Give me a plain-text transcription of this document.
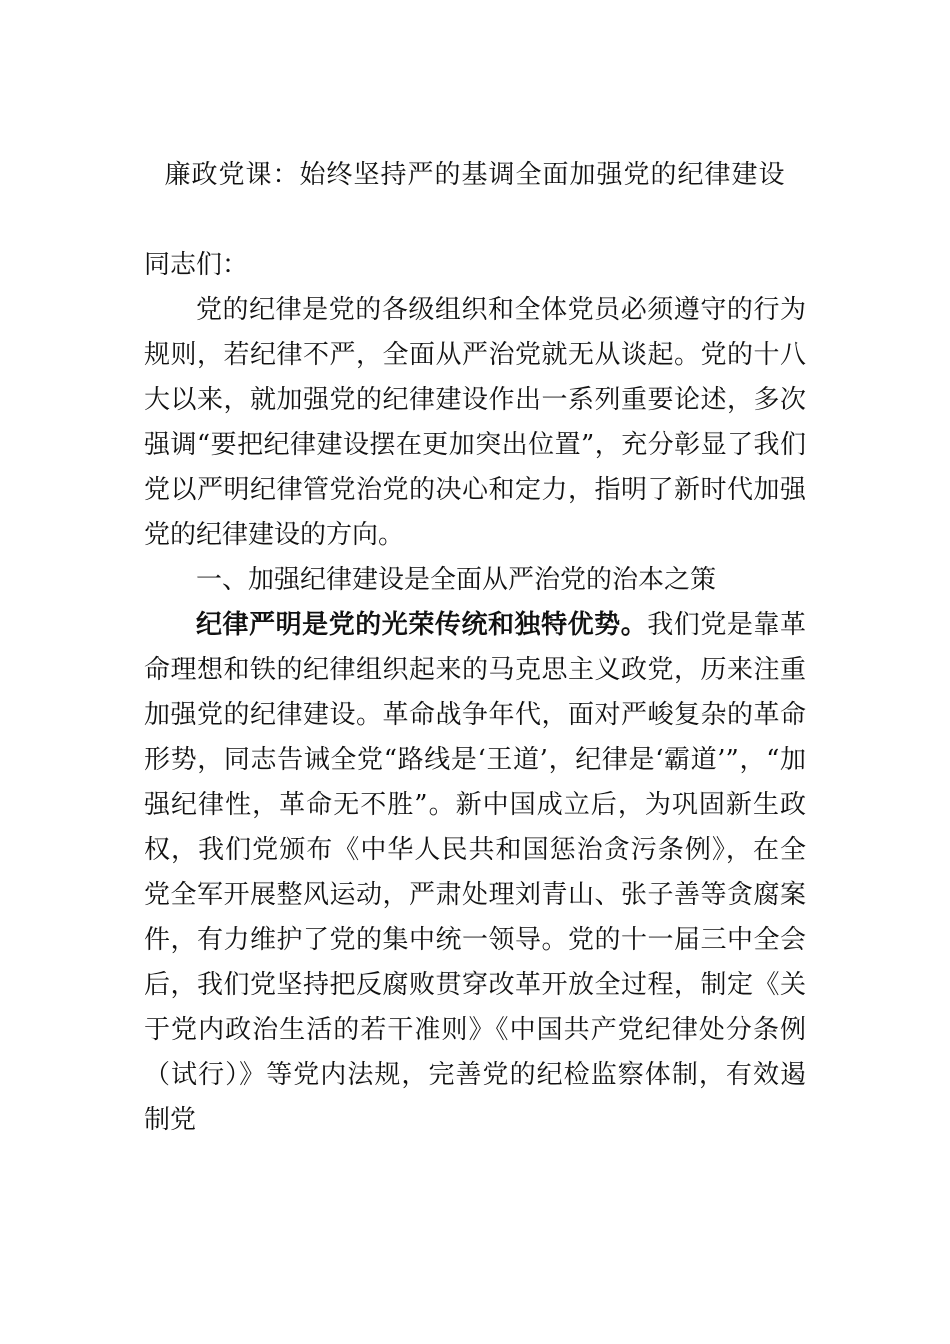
廉政党课：始终坚持严的基调全面加强党的纪律建设

同志们：

党的纪律是党的各级组织和全体党员必须遵守的行为规则，若纪律不严，全面从严治党就无从谈起。党的十八大以来，就加强党的纪律建设作出一系列重要论述，多次强调“要把纪律建设摆在更加突出位置”，充分彰显了我们党以严明纪律管党治党的决心和定力，指明了新时代加强党的纪律建设的方向。

一、加强纪律建设是全面从严治党的治本之策

纪律严明是党的光荣传统和独特优势。我们党是靠革命理想和铁的纪律组织起来的马克思主义政党，历来注重加强党的纪律建设。革命战争年代，面对严峻复杂的革命形势，同志告诫全党“路线是‘王道’，纪律是‘霸道’”，“加强纪律性，革命无不胜”。新中国成立后，为巩固新生政权，我们党颁布《中华人民共和国惩治贪污条例》，在全党全军开展整风运动，严肃处理刘青山、张子善等贪腐案件，有力维护了党的集中统一领导。党的十一届三中全会后，我们党坚持把反腐败贯穿改革开放全过程，制定《关于党内政治生活的若干准则》《中国共产党纪律处分条例（试行）》等党内法规，完善党的纪检监察体制，有效遏制党
